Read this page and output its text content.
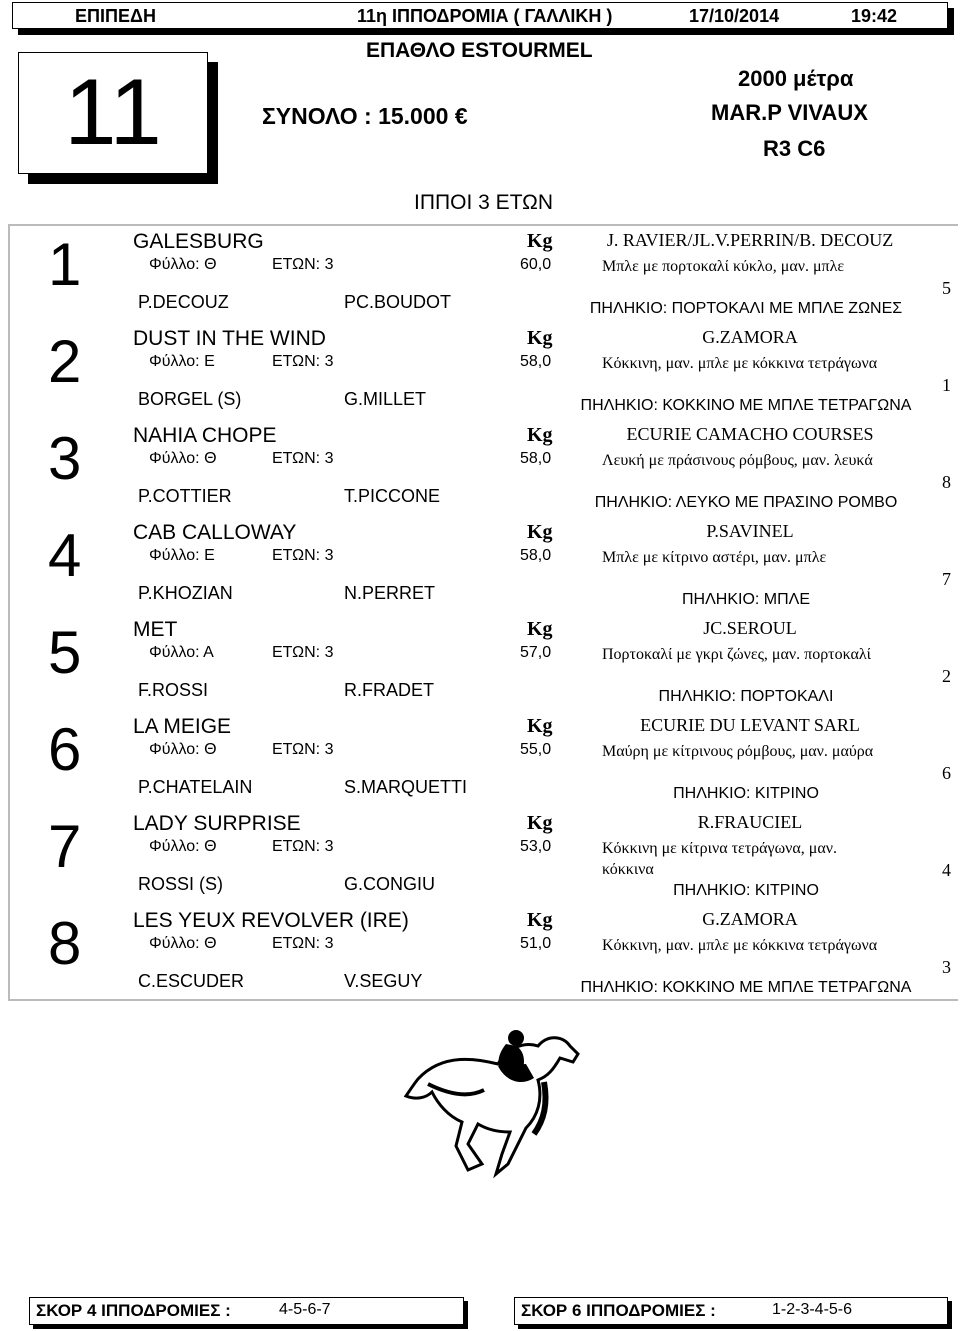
ΕΠΙΠΕΔΗ	11η ΙΠΠΟΔΡΟΜΙΑ ( ΓΑΛΛΙΚΗ )	17/10/2014	19:42
11
ΕΠΑΘΛΟ ESTOURMEL
ΣΥΝΟΛΟ : 15.000 €
2000 μέτρα
MAR.P VIVAUX
R3 C6
ΙΠΠΟΙ 3 ΕΤΩΝ
1 GALESBURG	Kg	J. RAVIER/JL.V.PERRIN/B. DECOUZ
Φύλλο: Θ	ΕΤΩΝ: 3	60,0	Μπλε με πορτοκαλί κύκλο, μαν. μπλε
P.DECOUZ	PC.BOUDOT	ΠΗΛΗΚΙΟ: ΠΟΡΤΟΚΑΛΙ ΜΕ ΜΠΛΕ ΖΩΝΕΣ
5
2 DUST IN THE WIND	Kg	G.ZAMORA
Φύλλο: Ε	ΕΤΩΝ: 3	58,0	Κόκκινη, μαν. μπλε με κόκκινα τετράγωνα
BORGEL (S)	G.MILLET	ΠΗΛΗΚΙΟ: ΚΟΚΚΙΝΟ ΜΕ ΜΠΛΕ ΤΕΤΡΑΓΩΝΑ
1
3 NAHIA CHOPE	Kg	ECURIE CAMACHO COURSES
Φύλλο: Θ	ΕΤΩΝ: 3	58,0	Λευκή με πράσινους ρόμβους, μαν. λευκά
P.COTTIER	T.PICCONE	ΠΗΛΗΚΙΟ: ΛΕΥΚΟ ΜΕ ΠΡΑΣΙΝΟ ΡΟΜΒΟ
8
4 CAB CALLOWAY	Kg	P.SAVINEL
Φύλλο: Ε	ΕΤΩΝ: 3	58,0	Μπλε με κίτρινο αστέρι, μαν. μπλε
P.KHOZIAN	N.PERRET	ΠΗΛΗΚΙΟ: ΜΠΛΕ
7
5 MET	Kg	JC.SEROUL
Φύλλο: Α	ΕΤΩΝ: 3	57,0	Πορτοκαλί με γκρι ζώνες, μαν. πορτοκαλί
F.ROSSI	R.FRADET	ΠΗΛΗΚΙΟ: ΠΟΡΤΟΚΑΛΙ
2
6 LA MEIGE	Kg	ECURIE DU LEVANT SARL
Φύλλο: Θ	ΕΤΩΝ: 3	55,0	Μαύρη με κίτρινους ρόμβους, μαν. μαύρα
P.CHATELAIN	S.MARQUETTI	ΠΗΛΗΚΙΟ: ΚΙΤΡΙΝΟ
6
7 LADY SURPRISE	Kg	R.FRAUCIEL
Φύλλο: Θ	ΕΤΩΝ: 3	53,0	Κόκκινη με κίτρινα τετράγωνα, μαν. κόκκινα
ROSSI (S)	G.CONGIU	ΠΗΛΗΚΙΟ: ΚΙΤΡΙΝΟ
4
8 LES YEUX REVOLVER (IRE)	Kg	G.ZAMORA
Φύλλο: Θ	ΕΤΩΝ: 3	51,0	Κόκκινη, μαν. μπλε με κόκκινα τετράγωνα
C.ESCUDER	V.SEGUY	ΠΗΛΗΚΙΟ: ΚΟΚΚΙΝΟ ΜΕ ΜΠΛΕ ΤΕΤΡΑΓΩΝΑ
3
ΣΚΟΡ 4 ΙΠΠΟΔΡΟΜΙΕΣ :	4-5-6-7	ΣΚΟΡ 6 ΙΠΠΟΔΡΟΜΙΕΣ :	1-2-3-4-5-6
